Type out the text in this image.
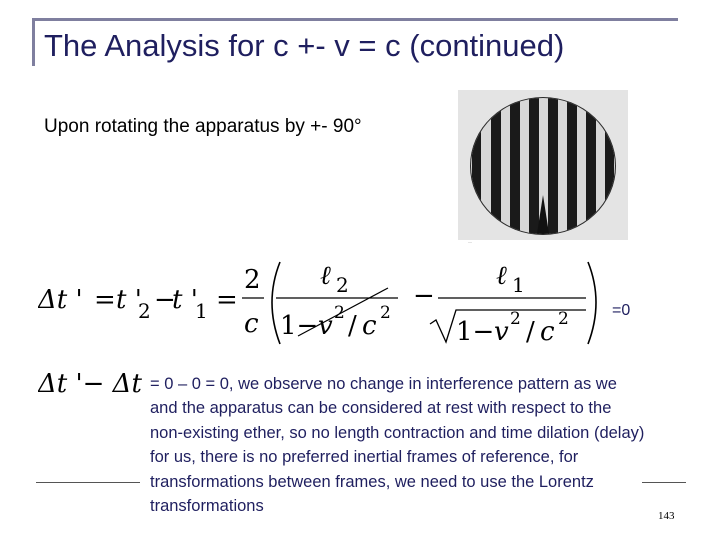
The Analysis for c +- v = c (continued)
Upon rotating the apparatus by +- 90°
—
Δt ' = t '
2 −
t '
1 =
2
c
ℓ 2
1− v 2 / c 2
−
ℓ 1
1− v 2 / c 2	=0
Δt '− Δt = 0 – 0 = 0, we observe no change in interference pattern as we and the apparatus can be considered at rest with respect to the non-existing ether, so no length contraction and time dilation (delay) for us, there is no preferred inertial frames of reference, for transformations between frames, we need to use the Lorentz transformations
143
